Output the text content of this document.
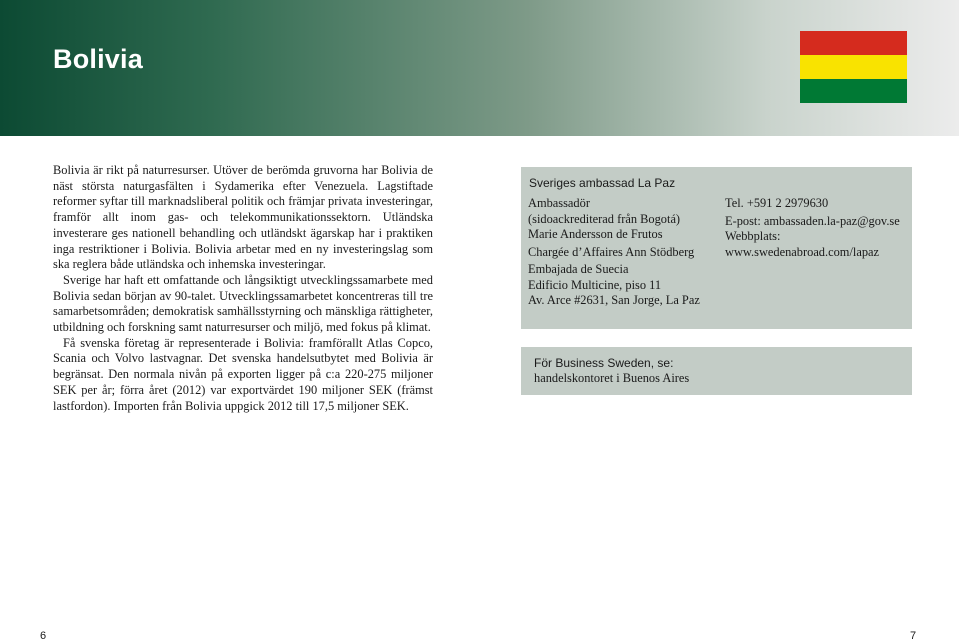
Bolivia

Bolivia är rikt på naturresurser. Utöver de berömda gruvorna har Bolivia de näst största naturgasfälten i Sydamerika efter Venezuela. Lagstiftade reformer syftar till marknadsliberal politik och främjar privata investeringar, framför allt inom gas- och telekommunikationssektorn. Utländska investerare ges nationell behandling och utländskt ägarskap har i praktiken inga restriktioner i Bolivia. Bolivia arbetar med en ny investeringslag som ska reglera både utländska och inhemska investeringar.

Sverige har haft ett omfattande och långsiktigt utvecklingssamarbete med Bolivia sedan början av 90-talet. Utvecklingssamarbetet koncentreras till tre samarbetsområden; demokratisk samhällsstyrning och mänskliga rättigheter, utbildning och forskning samt naturresurser och miljö, med fokus på klimat.

Få svenska företag är representerade i Bolivia: framförallt Atlas Copco, Scania och Volvo lastvagnar. Det svenska handelsutbytet med Bolivia är begränsat. Den normala nivån på exporten ligger på c:a 220-275 miljoner SEK per år; förra året (2012) var exportvärdet 190 miljoner SEK (främst lastfordon). Importen från Bolivia uppgick 2012 till 17,5 miljoner SEK.

Sveriges ambassad La Paz
Ambassadör
(sidoackrediterad från Bogotá)
Marie Andersson de Frutos
Chargée d’Affaires Ann Stödberg
Embajada de Suecia
Edificio Multicine, piso 11
Av. Arce #2631, San Jorge, La Paz
Tel. +591 2 2979630
E-post: ambassaden.la-paz@gov.se
Webbplats:
www.swedenabroad.com/lapaz
För Business Sweden, se:
handelskontoret i Buenos Aires
6	7
